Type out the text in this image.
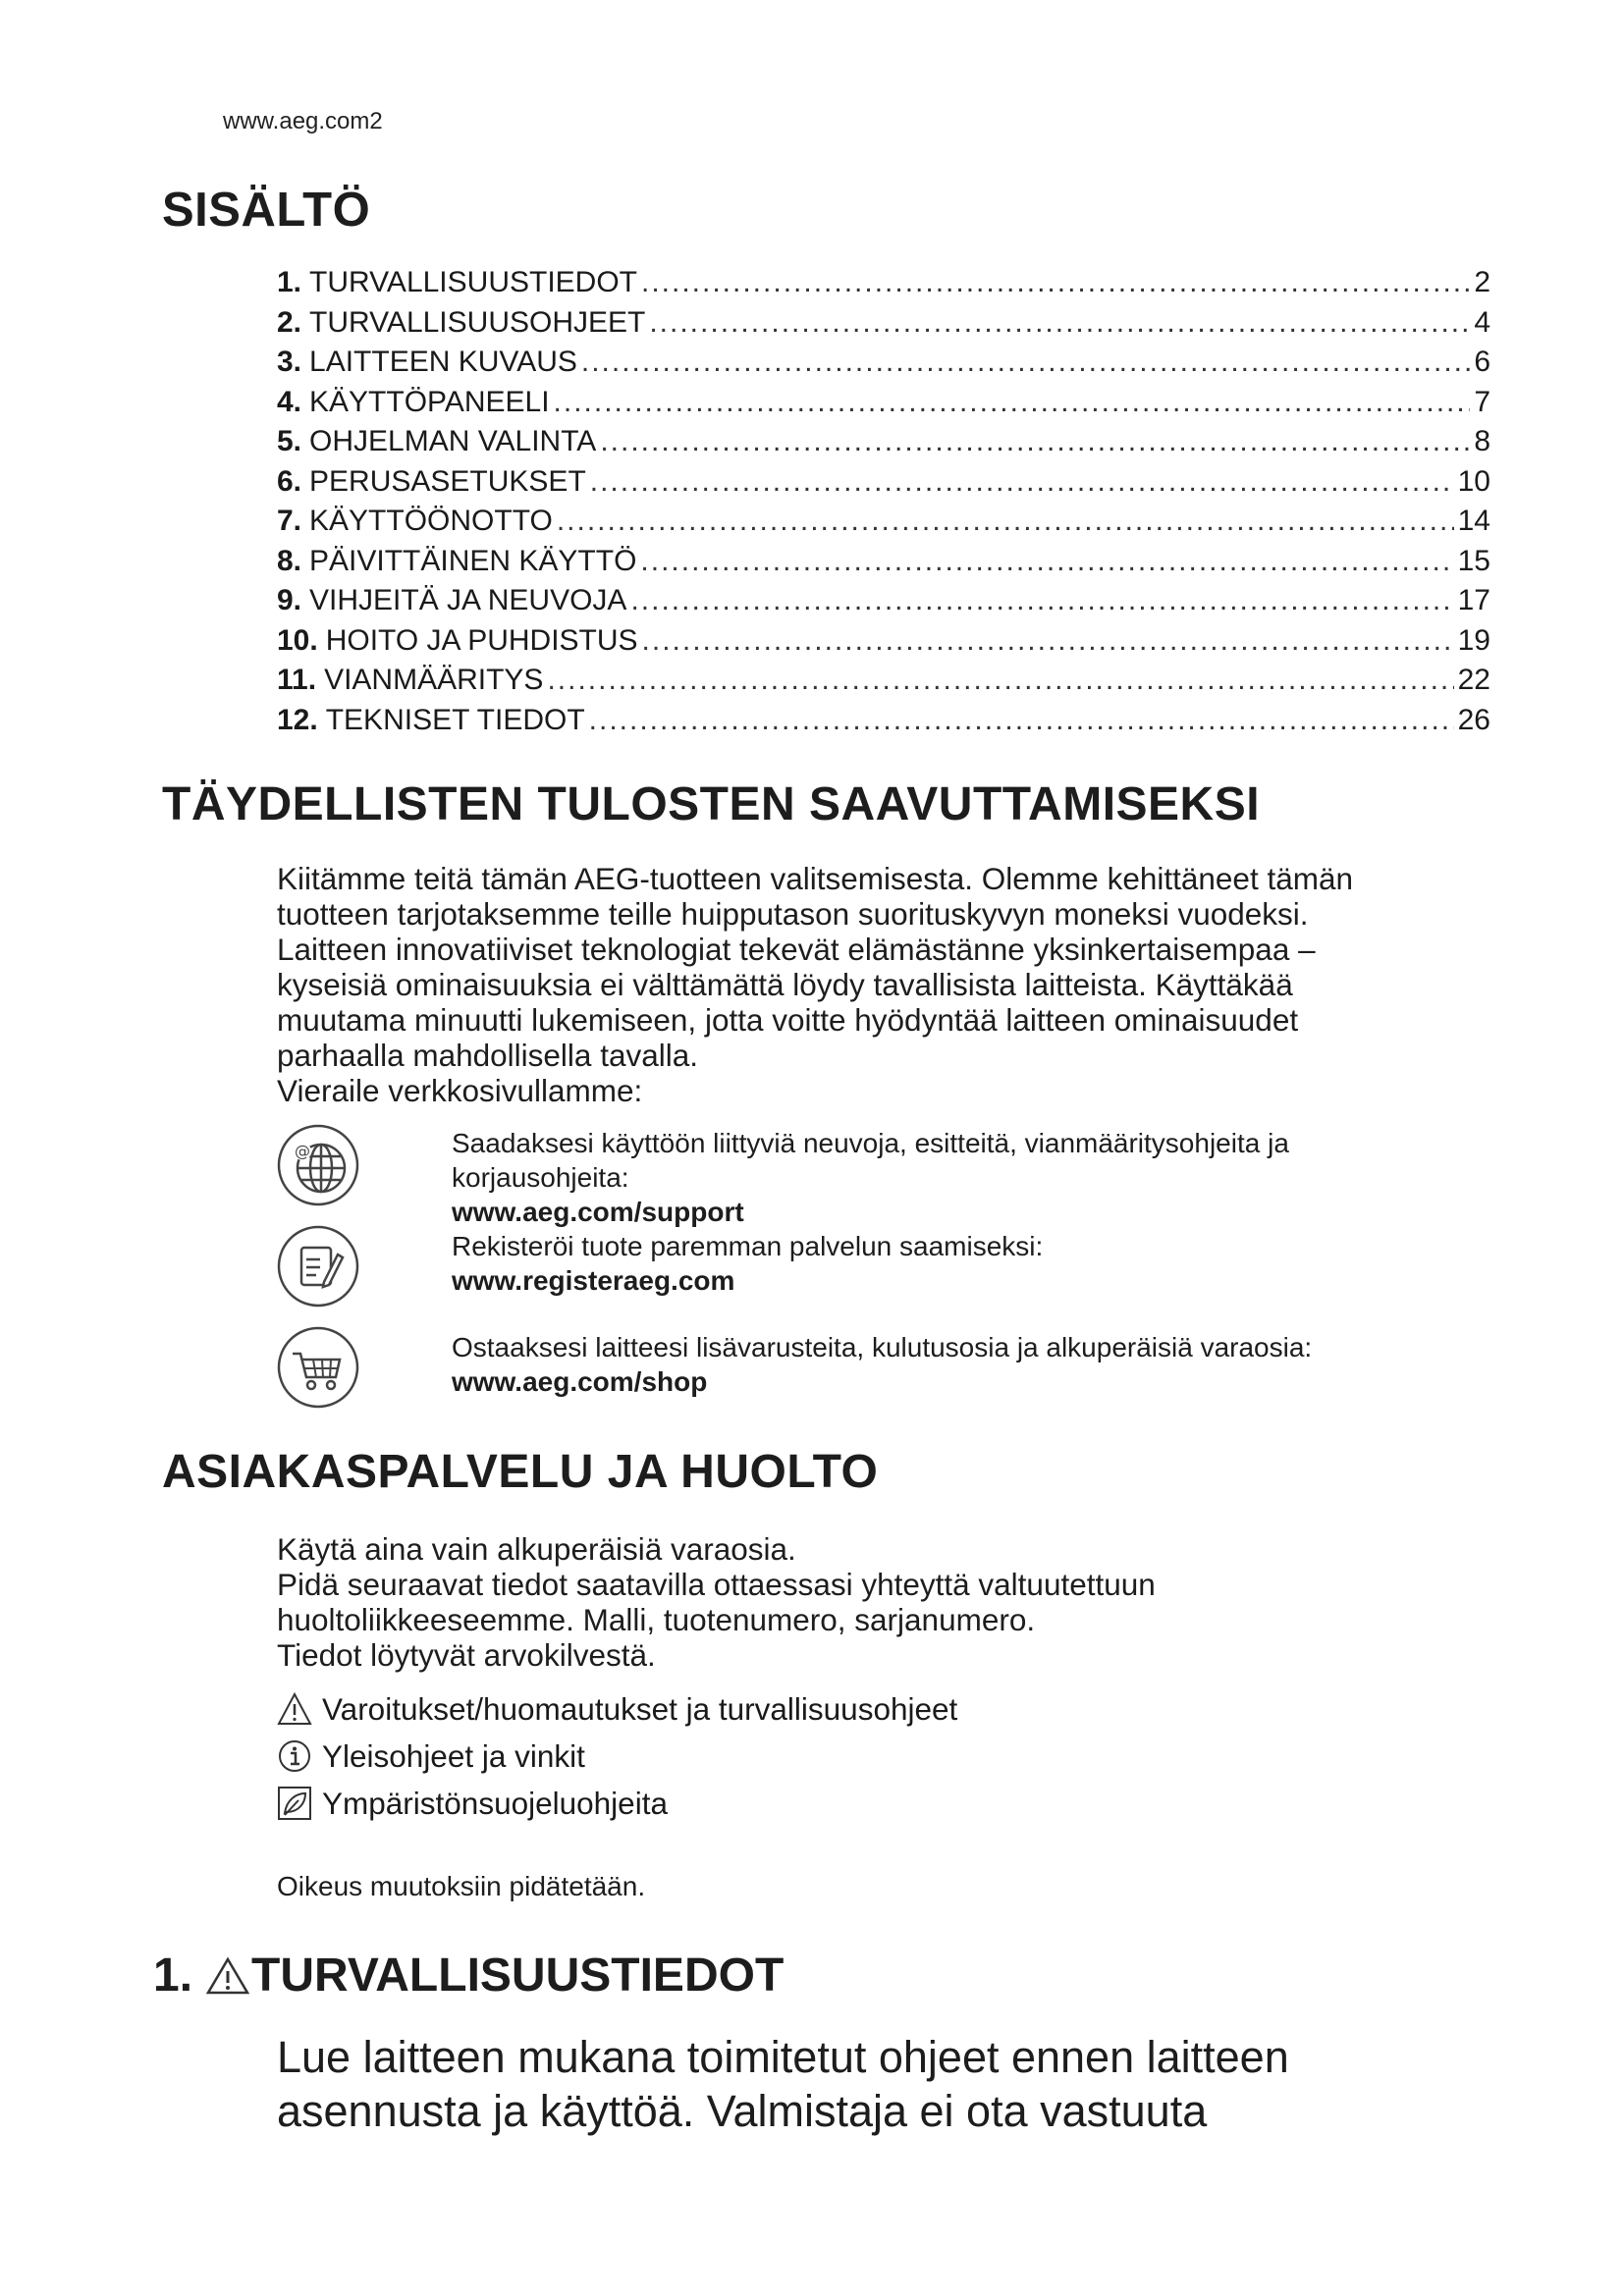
www.aeg.com2
SISÄLTÖ
1. TURVALLISUUSTIEDOT .....	2
2. TURVALLISUUSOHJEET .....	4
3. LAITTEEN KUVAUS .....	6
4. KÄYTTÖPANEELI .....	7
5. OHJELMAN VALINTA .....	8
6. PERUSASETUKSET .....	10
7. KÄYTTÖÖNOTTO .....	14
8. PÄIVITTÄINEN KÄYTTÖ .....	15
9. VIHJEITÄ JA NEUVOJA .....	17
10. HOITO JA PUHDISTUS .....	19
11. VIANMÄÄRITYS .....	22
12. TEKNISET TIEDOT .....	26
TÄYDELLISTEN TULOSTEN SAAVUTTAMISEKSI

Kiitämme teitä tämän AEG-tuotteen valitsemisesta. Olemme kehittäneet tämän

tuotteen tarjotaksemme teille huipputason suorituskyvyn moneksi vuodeksi.

Laitteen innovatiiviset teknologiat tekevät elämästänne yksinkertaisempaa –

kyseisiä ominaisuuksia ei välttämättä löydy tavallisista laitteista. Käyttäkää

muutama minuutti lukemiseen, jotta voitte hyödyntää laitteen ominaisuudet

parhaalla mahdollisella tavalla.

Vieraile verkkosivullamme:

@	Saadaksesi käyttöön liittyviä neuvoja, esitteitä, vianmääritysohjeita ja

korjausohjeita:

www.aeg.com/support

Rekisteröi tuote paremman palvelun saamiseksi:

www.registeraeg.com

Ostaaksesi laitteesi lisävarusteita, kulutusosia ja alkuperäisiä varaosia:

www.aeg.com/shop

ASIAKASPALVELU JA HUOLTO

Käytä aina vain alkuperäisiä varaosia.

Pidä seuraavat tiedot saatavilla ottaessasi yhteyttä valtuutettuun

huoltoliikkeeseemme. Malli, tuotenumero, sarjanumero.

Tiedot löytyvät arvokilvestä.

Varoitukset/huomautukset ja turvallisuusohjeet
Yleisohjeet ja vinkit
Ympäristönsuojeluohjeita
Oikeus muutoksiin pidätetään.
1. TURVALLISUUSTIEDOT

Lue laitteen mukana toimitetut ohjeet ennen laitteen

asennusta ja käyttöä. Valmistaja ei ota vastuuta
